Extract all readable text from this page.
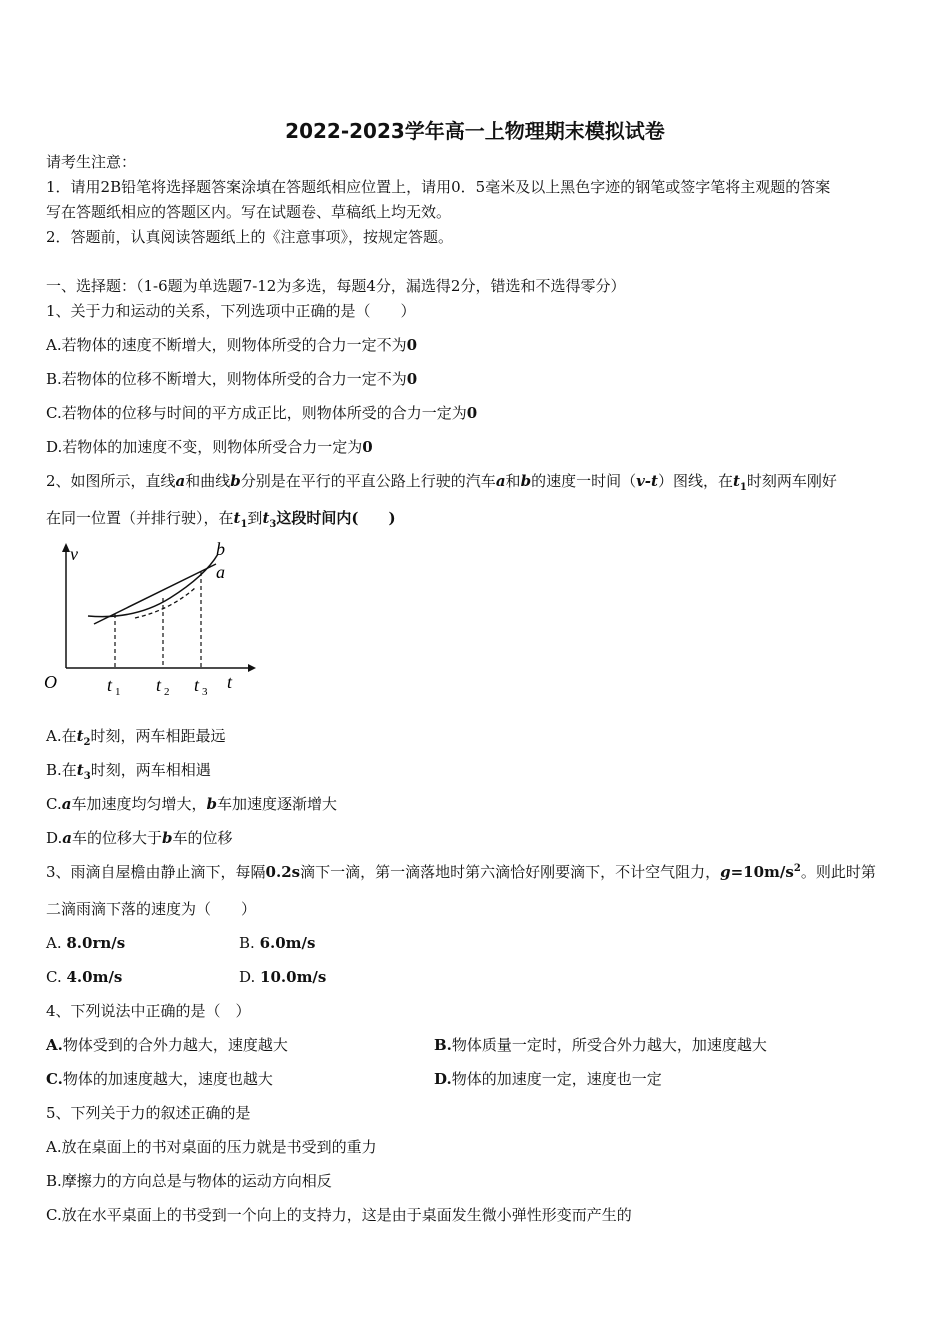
2022-2023学年高一上物理期末模拟试卷
请考生注意：
1．请用2B铅笔将选择题答案涂填在答题纸相应位置上，请用0．5毫米及以上黑色字迹的钢笔或签字笔将主观题的答案
写在答题纸相应的答题区内。写在试题卷、草稿纸上均无效。
2．答题前，认真阅读答题纸上的《注意事项》，按规定答题。
一、选择题：（1-6题为单选题7-12为多选，每题4分，漏选得2分，错选和不选得零分）
1、关于力和运动的关系，下列选项中正确的是（　　）
A.若物体的速度不断增大，则物体所受的合力一定不为0
B.若物体的位移不断增大，则物体所受的合力一定不为0
C.若物体的位移与时间的平方成正比，则物体所受的合力一定为0
D.若物体的加速度不变，则物体所受合力一定为0
2、如图所示，直线a和曲线b分别是在平行的平直公路上行驶的汽车a和b的速度一时间（v-t）图线，在$t_1$时刻两车刚好
在同一位置（并排行驶），在$t_1$到$t_3$这段时间内(　　)
v
O	t
t 1 t 2 t 3
b
a
A.在$t_2$时刻，两车相距最远
B.在$t_3$时刻，两车相相遇
C.a车加速度均匀增大，b车加速度逐渐增大
D.a车的位移大于b车的位移
3、雨滴自屋檐由静止滴下，每隔0.2s滴下一滴，第一滴落地时第六滴恰好刚要滴下，不计空气阻力，$g=10m/s^2$。则此时第
二滴雨滴下落的速度为（　　）
A. 8.0rn/s	B. 6.0m/s
C. 4.0m/s	D. 10.0m/s
4、下列说法中正确的是（　）
A.物体受到的合外力越大，速度越大	B.物体质量一定时，所受合外力越大，加速度越大
C.物体的加速度越大，速度也越大	D.物体的加速度一定，速度也一定
5、下列关于力的叙述正确的是
A.放在桌面上的书对桌面的压力就是书受到的重力
B.摩擦力的方向总是与物体的运动方向相反
C.放在水平桌面上的书受到一个向上的支持力，这是由于桌面发生微小弹性形变而产生的
